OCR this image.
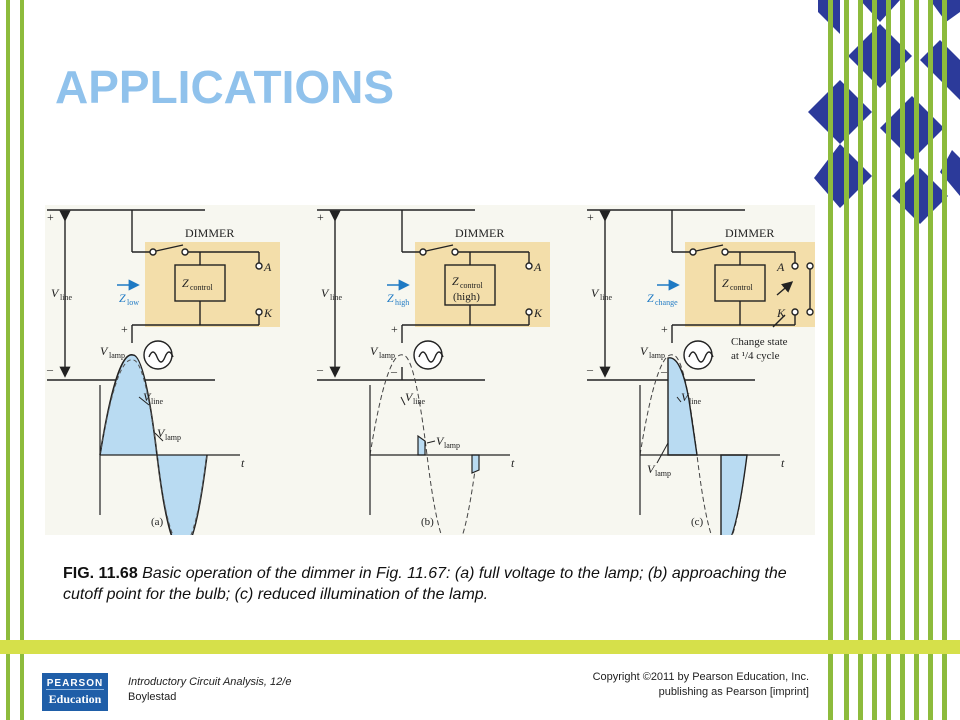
APPLICATIONS
+
DIMMER
V line	Z low
Z control
A
K
+
V lamp
–
V line
V lamp
t
(a)
+
DIMMER
V line	Z high
Z control
(high)
A
K
+
V lamp
–
–
V line
V lamp
t
(b)
+
DIMMER
V line	Z change
Z control
A
K
+
V lamp
–
–
Change state
at ¹/4 cycle
V line
V lamp
t
(c)

FIG. 11.68 Basic operation of the dimmer in Fig. 11.67: (a) full voltage to the lamp; (b) approaching the cutoff point for the bulb; (c) reduced illumination of the lamp.

PEARSON
Education
Introductory Circuit Analysis, 12/e
Boylestad
Copyright ©2011 by Pearson Education, Inc.
publishing as Pearson [imprint]
